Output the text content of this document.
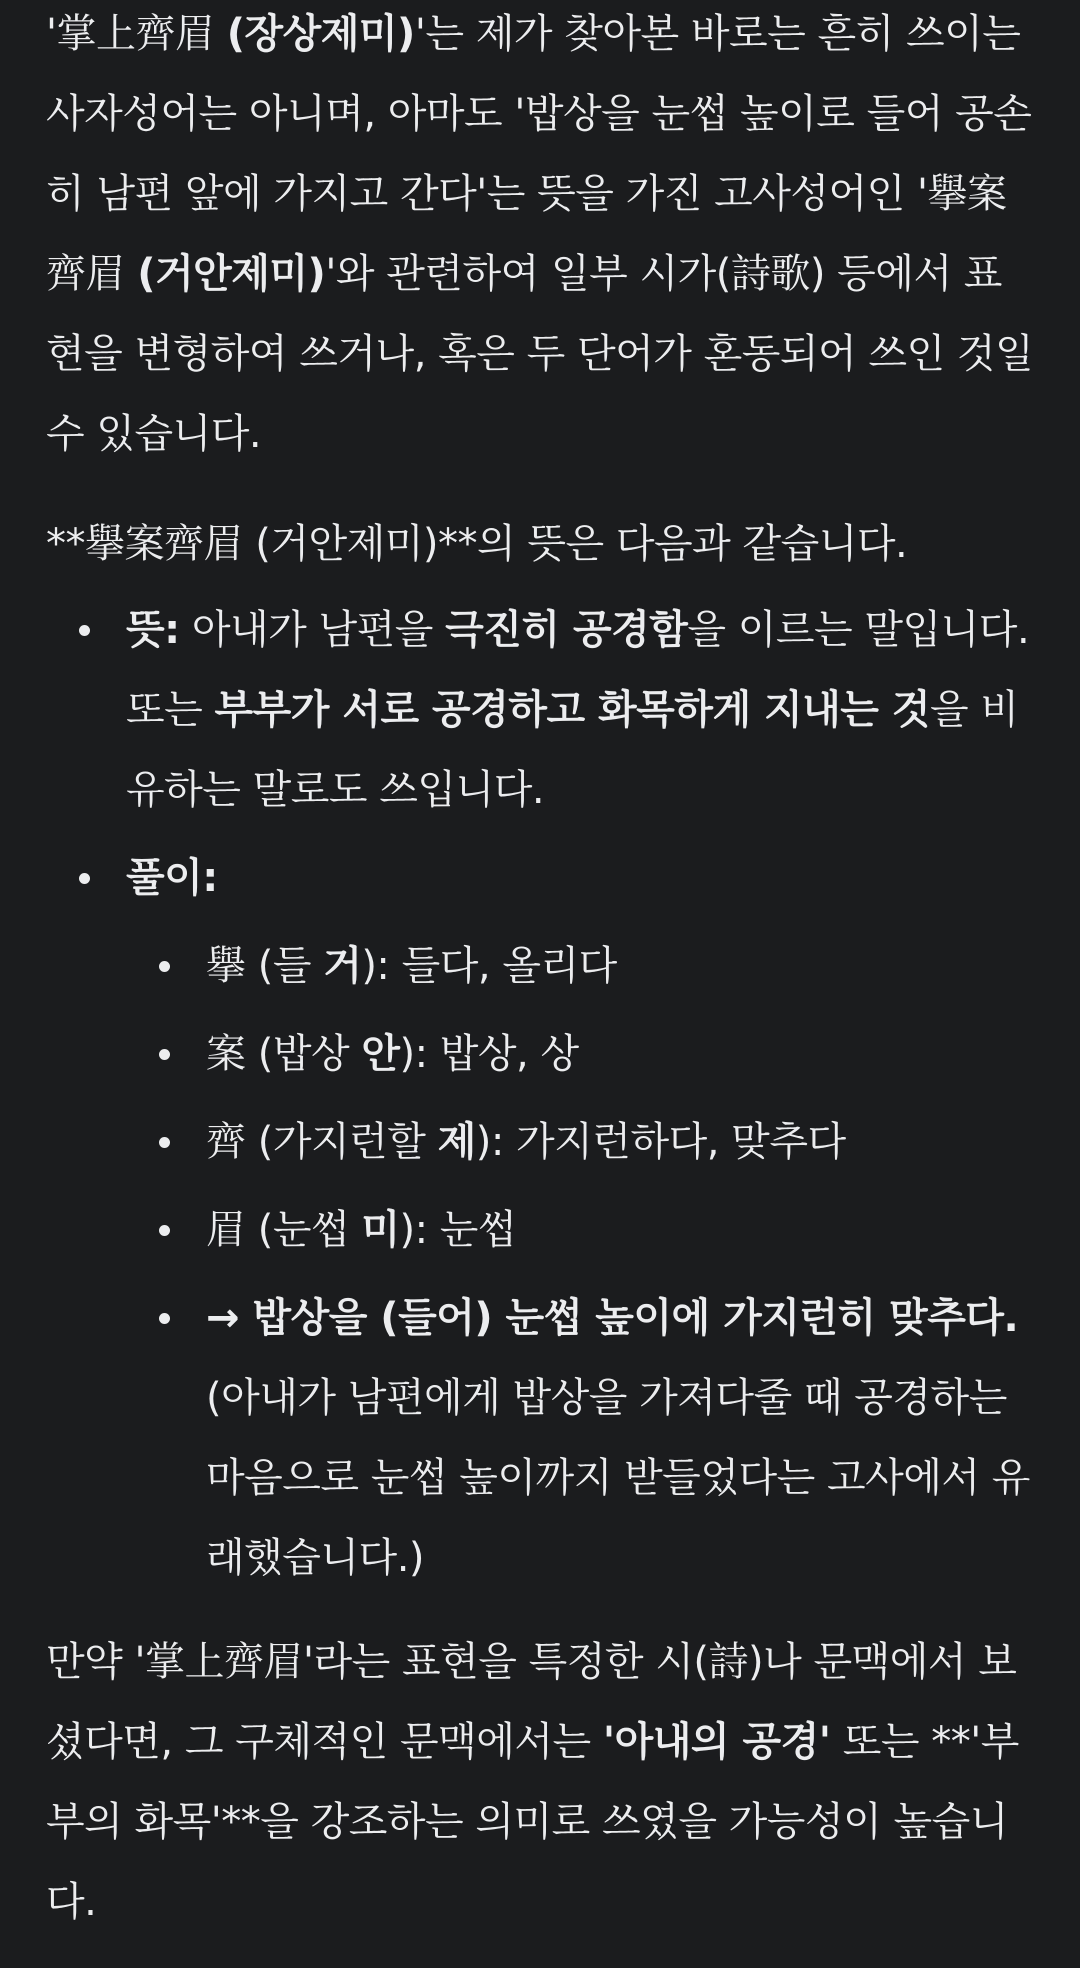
'掌上齊眉 (장상제미)'는 제가 찾아본 바로는 흔히 쓰이는 사자성어는 아니며, 아마도 '밥상을 눈썹 높이로 들어 공손히 남편 앞에 가지고 간다'는 뜻을 가진 고사성어인 '擧案齊眉 (거안제미)'와 관련하여 일부 시가(詩歌) 등에서 표현을 변형하여 쓰거나, 혹은 두 단어가 혼동되어 쓰인 것일 수 있습니다.

**擧案齊眉 (거안제미)**의 뜻은 다음과 같습니다.

뜻: 아내가 남편을 극진히 공경함을 이르는 말입니다. 또는 부부가 서로 공경하고 화목하게 지내는 것을 비유하는 말로도 쓰입니다.
풀이:
擧 (들 거): 들다, 올리다
案 (밥상 안): 밥상, 상
齊 (가지런할 제): 가지런하다, 맞추다
眉 (눈썹 미): 눈썹
→ 밥상을 (들어) 눈썹 높이에 가지런히 맞추다. (아내가 남편에게 밥상을 가져다줄 때 공경하는 마음으로 눈썹 높이까지 받들었다는 고사에서 유래했습니다.)

만약 '掌上齊眉'라는 표현을 특정한 시(詩)나 문맥에서 보셨다면, 그 구체적인 문맥에서는 '아내의 공경' 또는 **'부부의 화목'**을 강조하는 의미로 쓰였을 가능성이 높습니다.
